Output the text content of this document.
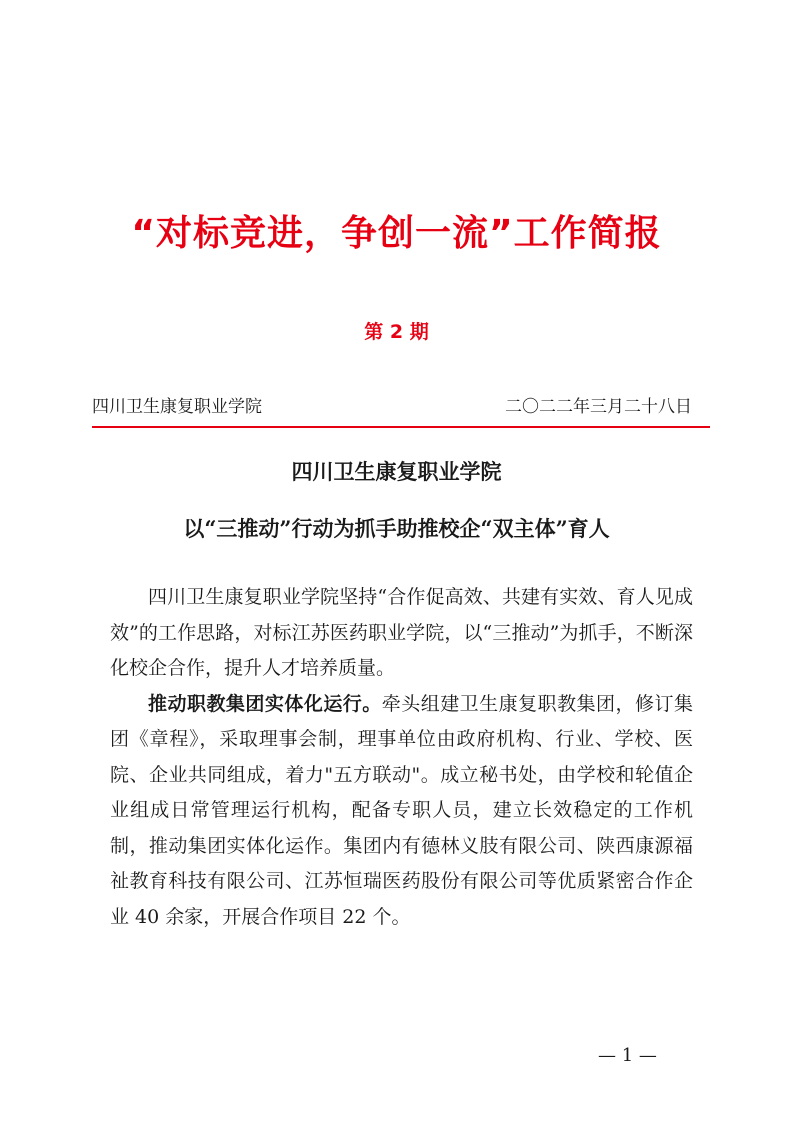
“对标竞进，争创一流”工作简报
第 2 期
四川卫生康复职业学院	二〇二二年三月二十八日
四川卫生康复职业学院
以“三推动”行动为抓手助推校企“双主体”育人

四川卫生康复职业学院坚持“合作促高效、共建有实效、育人见成效”的工作思路，对标江苏医药职业学院，以“三推动”为抓手，不断深化校企合作，提升人才培养质量。

推动职教集团实体化运行。牵头组建卫生康复职教集团，修订集团《章程》，采取理事会制，理事单位由政府机构、行业、学校、医院、企业共同组成，着力"五方联动"。成立秘书处，由学校和轮值企业组成日常管理运行机构，配备专职人员，建立长效稳定的工作机制，推动集团实体化运作。集团内有德林义肢有限公司、陕西康源福祉教育科技有限公司、江苏恒瑞医药股份有限公司等优质紧密合作企业 40 余家，开展合作项目 22 个。

— 1 —
